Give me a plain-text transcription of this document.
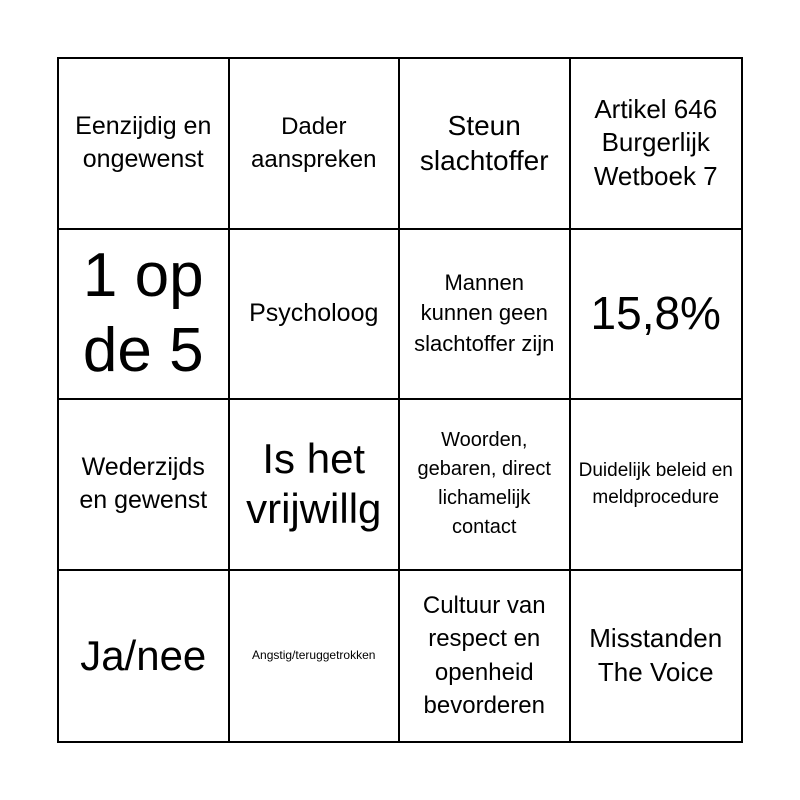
Eenzijdig en ongewenst
Dader aanspreken
Steun slachtoffer
Artikel 646 Burgerlijk Wetboek 7
1 op de 5
Psycholoog
Mannen kunnen geen slachtoffer zijn
15,8%
Wederzijds en gewenst
Is het vrijwillg
Woorden, gebaren, direct lichamelijk contact
Duidelijk beleid en meldprocedure
Ja/nee	Angstig/teruggetrokken
Cultuur van respect en openheid bevorderen
Misstanden The Voice
